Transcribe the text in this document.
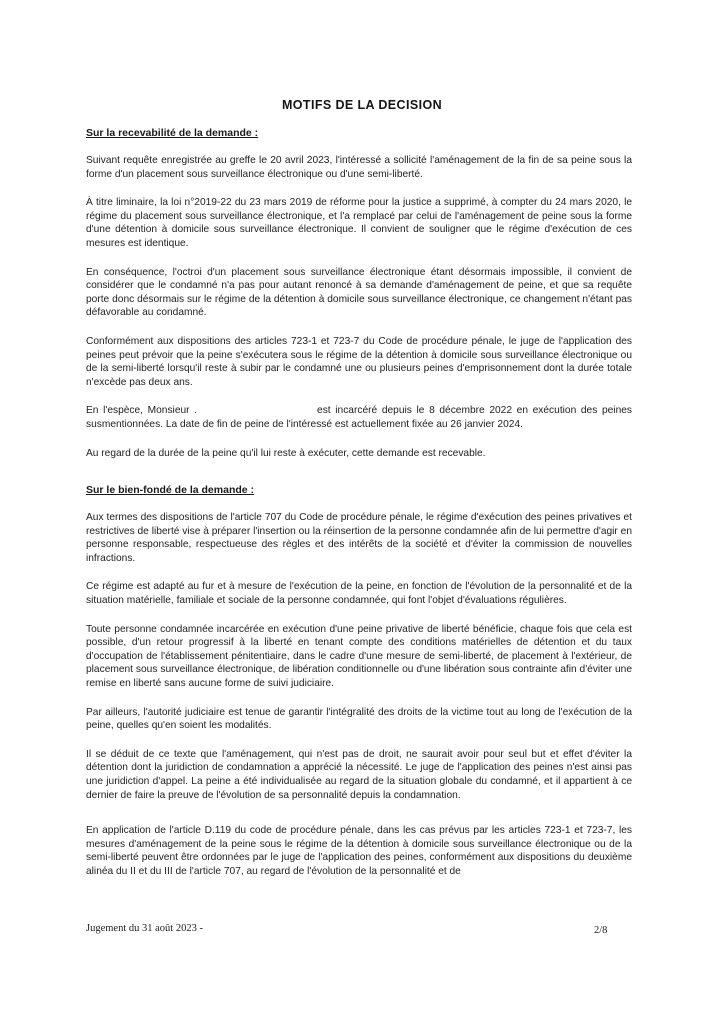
MOTIFS DE LA DECISION
Sur la recevabilité de la demande :

Suivant requête enregistrée au greffe le 20 avril 2023, l'intéressé a sollicité l'aménagement de la fin de sa peine sous la forme d'un placement sous surveillance électronique ou d'une semi-liberté.

À titre liminaire, la loi n°2019-22 du 23 mars 2019 de réforme pour la justice a supprimé, à compter du 24 mars 2020, le régime du placement sous surveillance électronique, et l'a remplacé par celui de l'aménagement de peine sous la forme d'une détention à domicile sous surveillance électronique. Il convient de souligner que le régime d'exécution de ces mesures est identique.

En conséquence, l'octroi d'un placement sous surveillance électronique étant désormais impossible, il convient de considérer que le condamné n'a pas pour autant renoncé à sa demande d'aménagement de peine, et que sa requête porte donc désormais sur le régime de la détention à domicile sous surveillance électronique, ce changement n'étant pas défavorable au condamné.

Conformément aux dispositions des articles 723-1 et 723-7 du Code de procédure pénale, le juge de l'application des peines peut prévoir que la peine s'exécutera sous le régime de la détention à domicile sous surveillance électronique ou de la semi-liberté lorsqu'il reste à subir par le condamné une ou plusieurs peines d'emprisonnement dont la durée totale n'excède pas deux ans.

En l'espèce, Monsieur .	est incarcéré depuis le 8 décembre 2022 en exécution des peines susmentionnées. La date de fin de peine de l'intéressé est actuellement fixée au 26 janvier 2024.

Au regard de la durée de la peine qu'il lui reste à exécuter, cette demande est recevable.

Sur le bien-fondé de la demande :

Aux termes des dispositions de l'article 707 du Code de procédure pénale, le régime d'exécution des peines privatives et restrictives de liberté vise à préparer l'insertion ou la réinsertion de la personne condamnée afin de lui permettre d'agir en personne responsable, respectueuse des règles et des intérêts de la société et d'éviter la commission de nouvelles infractions.

Ce régime est adapté au fur et à mesure de l'exécution de la peine, en fonction de l'évolution de la personnalité et de la situation matérielle, familiale et sociale de la personne condamnée, qui font l'objet d'évaluations régulières.

Toute personne condamnée incarcérée en exécution d'une peine privative de liberté bénéficie, chaque fois que cela est possible, d'un retour progressif à la liberté en tenant compte des conditions matérielles de détention et du taux d'occupation de l'établissement pénitentiaire, dans le cadre d'une mesure de semi-liberté, de placement à l'extérieur, de placement sous surveillance électronique, de libération conditionnelle ou d'une libération sous contrainte afin d'éviter une remise en liberté sans aucune forme de suivi judiciaire.

Par ailleurs, l'autorité judiciaire est tenue de garantir l'intégralité des droits de la victime tout au long de l'exécution de la peine, quelles qu'en soient les modalités.

Il se déduit de ce texte que l'aménagement, qui n'est pas de droit, ne saurait avoir pour seul but et effet d'éviter la détention dont la juridiction de condamnation a apprécié la nécessité. Le juge de l'application des peines n'est ainsi pas une juridiction d'appel. La peine a été individualisée au regard de la situation globale du condamné, et il appartient à ce dernier de faire la preuve de l'évolution de sa personnalité depuis la condamnation.

En application de l'article D.119 du code de procédure pénale, dans les cas prévus par les articles 723-1 et 723-7, les mesures d'aménagement de la peine sous le régime de la détention à domicile sous surveillance électronique ou de la semi-liberté peuvent être ordonnées par le juge de l'application des peines, conformément aux dispositions du deuxième alinéa du II et du III de l'article 707, au regard de l'évolution de la personnalité et de

Jugement du 31 août 2023 -	2/8
